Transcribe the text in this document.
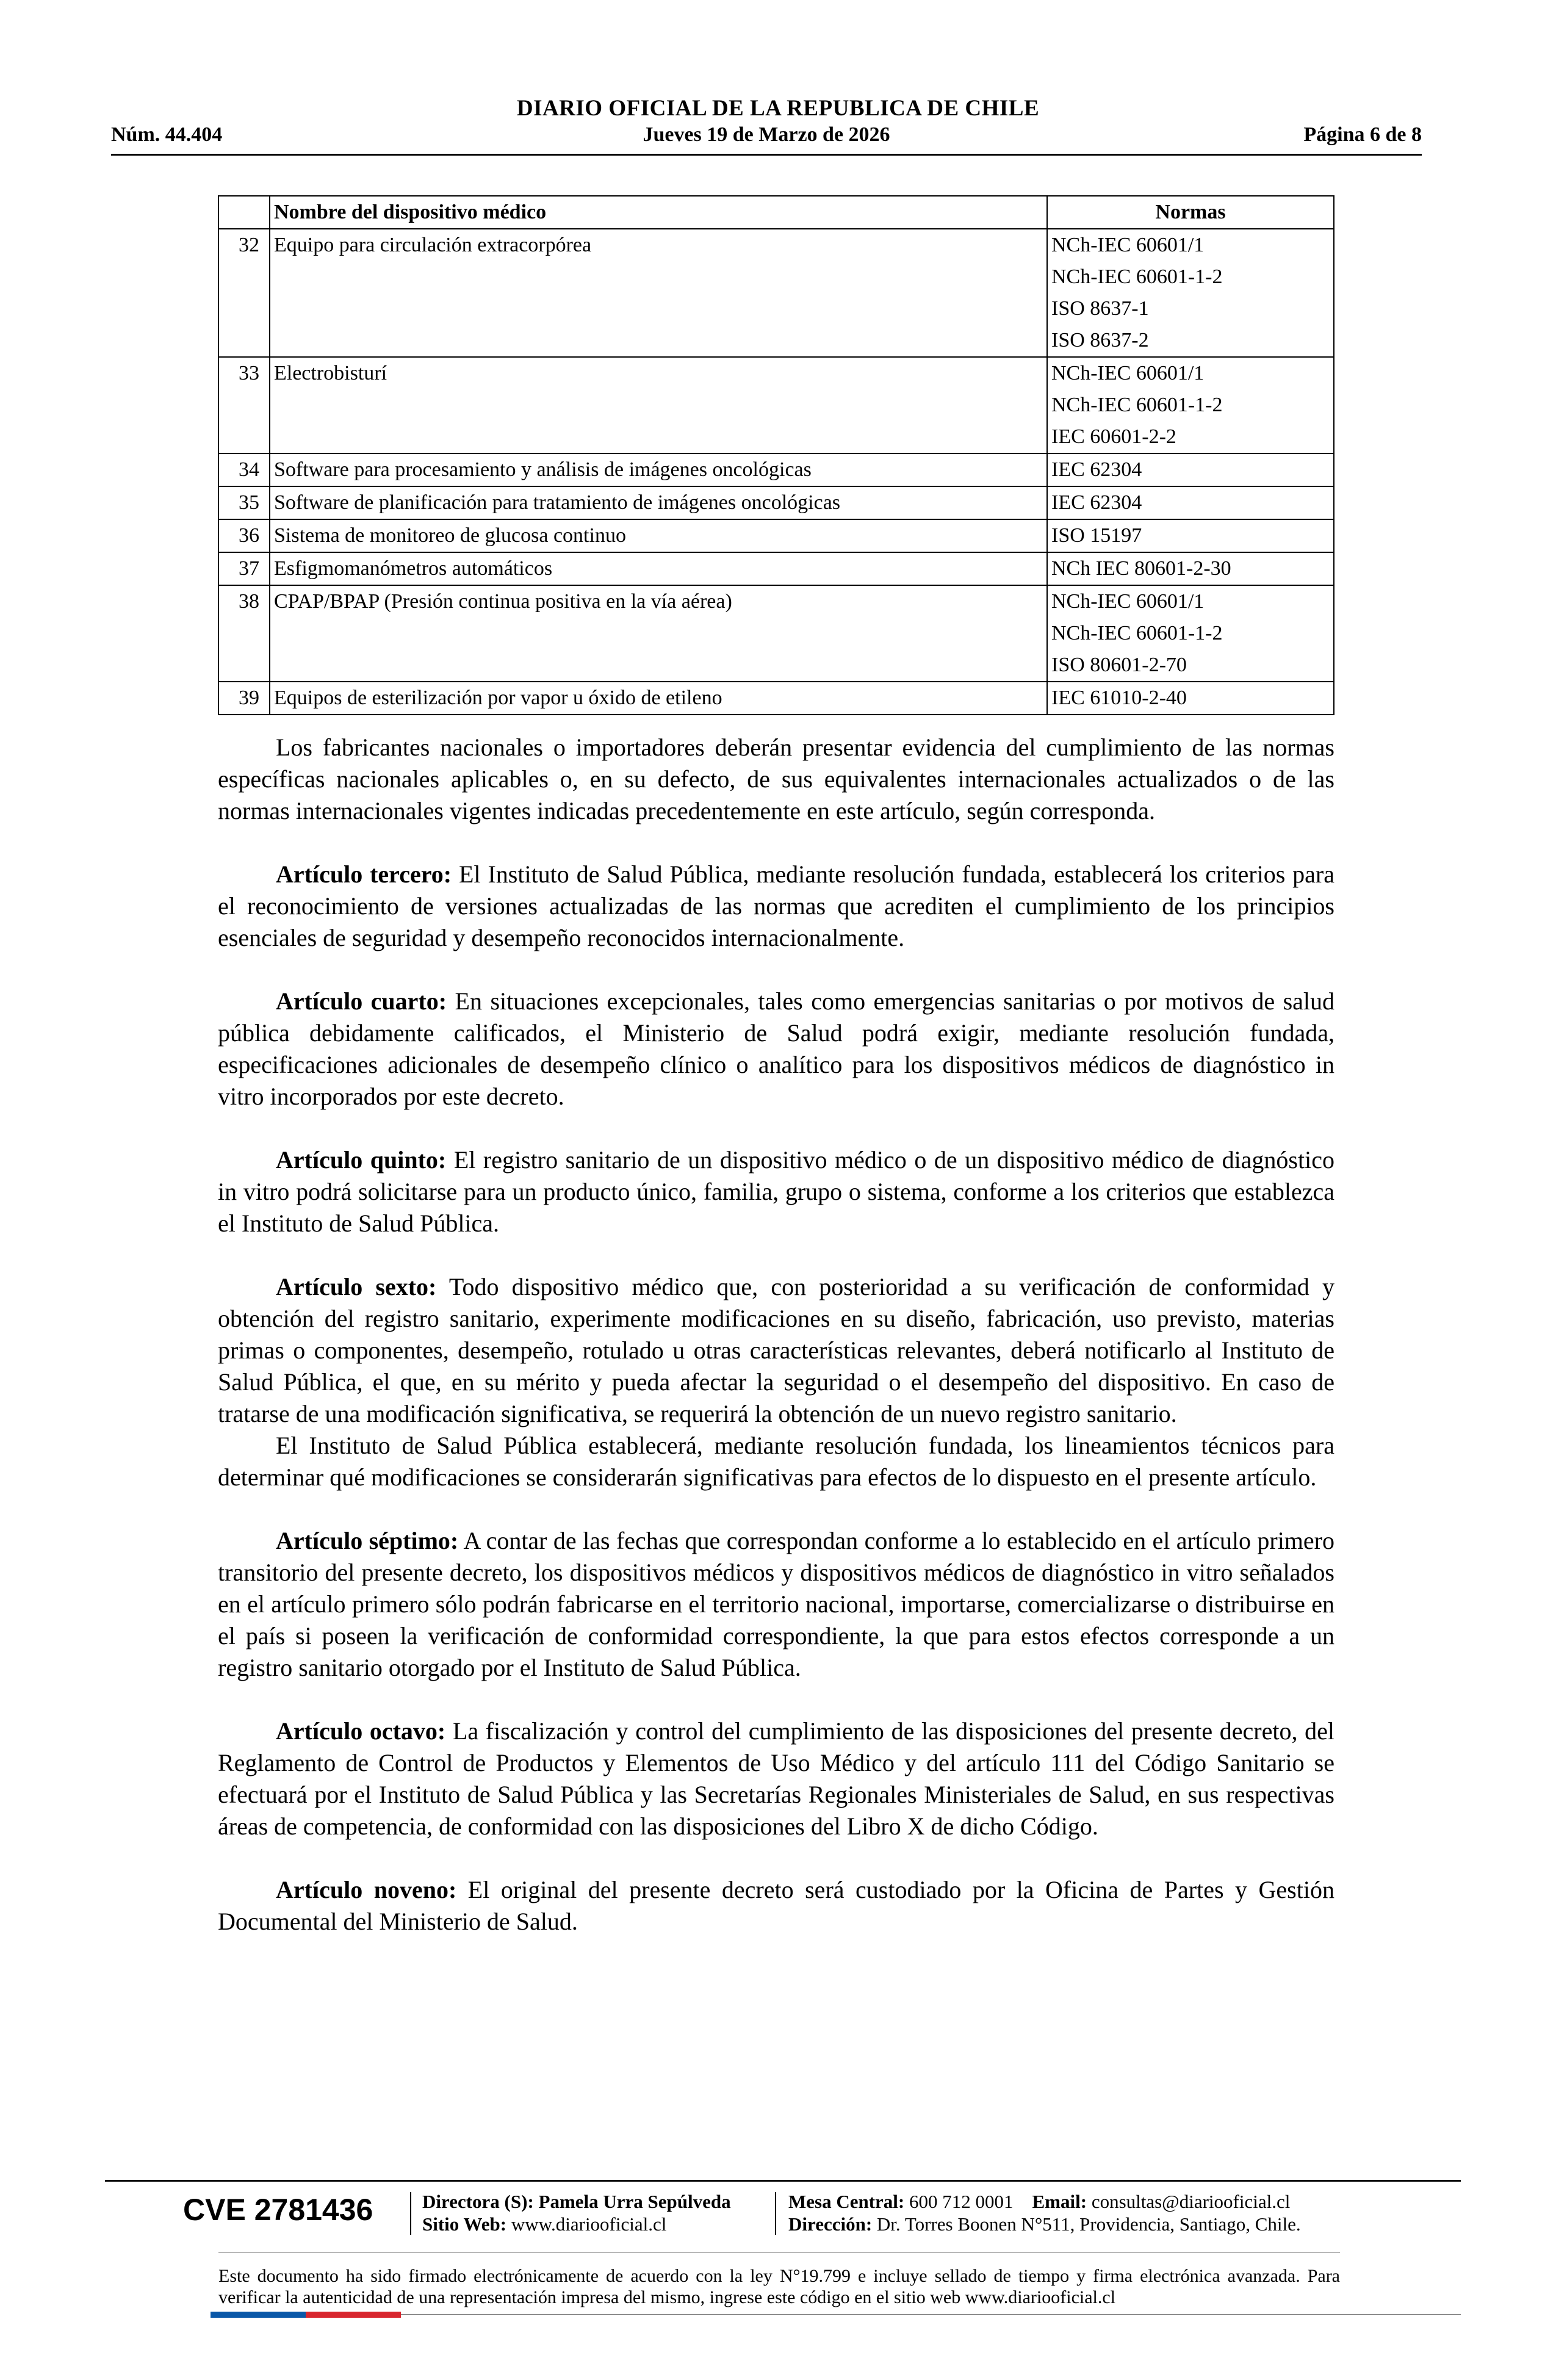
DIARIO OFICIAL DE LA REPUBLICA DE CHILE
Jueves 19 de Marzo de 2026
Núm. 44.404	Página 6 de 8
	Nombre del dispositivo médico	Normas
32	Equipo para circulación extracorpórea	NCh-IEC 60601/1
NCh-IEC 60601-1-2
ISO 8637-1
ISO 8637-2

33	Electrobisturí	NCh-IEC 60601/1
NCh-IEC 60601-1-2
IEC 60601-2-2

34	Software para procesamiento y análisis de imágenes oncológicas	IEC 62304

35	Software de planificación para tratamiento de imágenes oncológicas	IEC 62304

36	Sistema de monitoreo de glucosa continuo	ISO 15197

37	Esfigmomanómetros automáticos	NCh IEC 80601-2-30

38	CPAP/BPAP (Presión continua positiva en la vía aérea)	NCh-IEC 60601/1
NCh-IEC 60601-1-2
ISO 80601-2-70

39	Equipos de esterilización por vapor u óxido de etileno	IEC 61010-2-40

Los fabricantes nacionales o importadores deberán presentar evidencia del cumplimiento de las normas específicas nacionales aplicables o, en su defecto, de sus equivalentes internacionales actualizados o de las normas internacionales vigentes indicadas precedentemente en este artículo, según corresponda.

Artículo tercero: El Instituto de Salud Pública, mediante resolución fundada, establecerá los criterios para el reconocimiento de versiones actualizadas de las normas que acrediten el cumplimiento de los principios esenciales de seguridad y desempeño reconocidos internacionalmente.

Artículo cuarto: En situaciones excepcionales, tales como emergencias sanitarias o por motivos de salud pública debidamente calificados, el Ministerio de Salud podrá exigir, mediante resolución fundada, especificaciones adicionales de desempeño clínico o analítico para los dispositivos médicos de diagnóstico in vitro incorporados por este decreto.

Artículo quinto: El registro sanitario de un dispositivo médico o de un dispositivo médico de diagnóstico in vitro podrá solicitarse para un producto único, familia, grupo o sistema, conforme a los criterios que establezca el Instituto de Salud Pública.

Artículo sexto: Todo dispositivo médico que, con posterioridad a su verificación de conformidad y obtención del registro sanitario, experimente modificaciones en su diseño, fabricación, uso previsto, materias primas o componentes, desempeño, rotulado u otras características relevantes, deberá notificarlo al Instituto de Salud Pública, el que, en su mérito y pueda afectar la seguridad o el desempeño del dispositivo. En caso de tratarse de una modificación significativa, se requerirá la obtención de un nuevo registro sanitario.

El Instituto de Salud Pública establecerá, mediante resolución fundada, los lineamientos técnicos para determinar qué modificaciones se considerarán significativas para efectos de lo dispuesto en el presente artículo.

Artículo séptimo: A contar de las fechas que correspondan conforme a lo establecido en el artículo primero transitorio del presente decreto, los dispositivos médicos y dispositivos médicos de diagnóstico in vitro señalados en el artículo primero sólo podrán fabricarse en el territorio nacional, importarse, comercializarse o distribuirse en el país si poseen la verificación de conformidad correspondiente, la que para estos efectos corresponde a un registro sanitario otorgado por el Instituto de Salud Pública.

Artículo octavo: La fiscalización y control del cumplimiento de las disposiciones del presente decreto, del Reglamento de Control de Productos y Elementos de Uso Médico y del artículo 111 del Código Sanitario se efectuará por el Instituto de Salud Pública y las Secretarías Regionales Ministeriales de Salud, en sus respectivas áreas de competencia, de conformidad con las disposiciones del Libro X de dicho Código.

Artículo noveno: El original del presente decreto será custodiado por la Oficina de Partes y Gestión Documental del Ministerio de Salud.

CVE 2781436	Directora (S): Pamela Urra Sepúlveda
Sitio Web: www.diariooficial.cl
Mesa Central: 600 712 0001 Email: consultas@diariooficial.cl
Dirección: Dr. Torres Boonen N°511, Providencia, Santiago, Chile.
Este documento ha sido firmado electrónicamente de acuerdo con la ley N°19.799 e incluye sellado de tiempo y firma electrónica avanzada. Para verificar la autenticidad de una representación impresa del mismo, ingrese este código en el sitio web www.diariooficial.cl
